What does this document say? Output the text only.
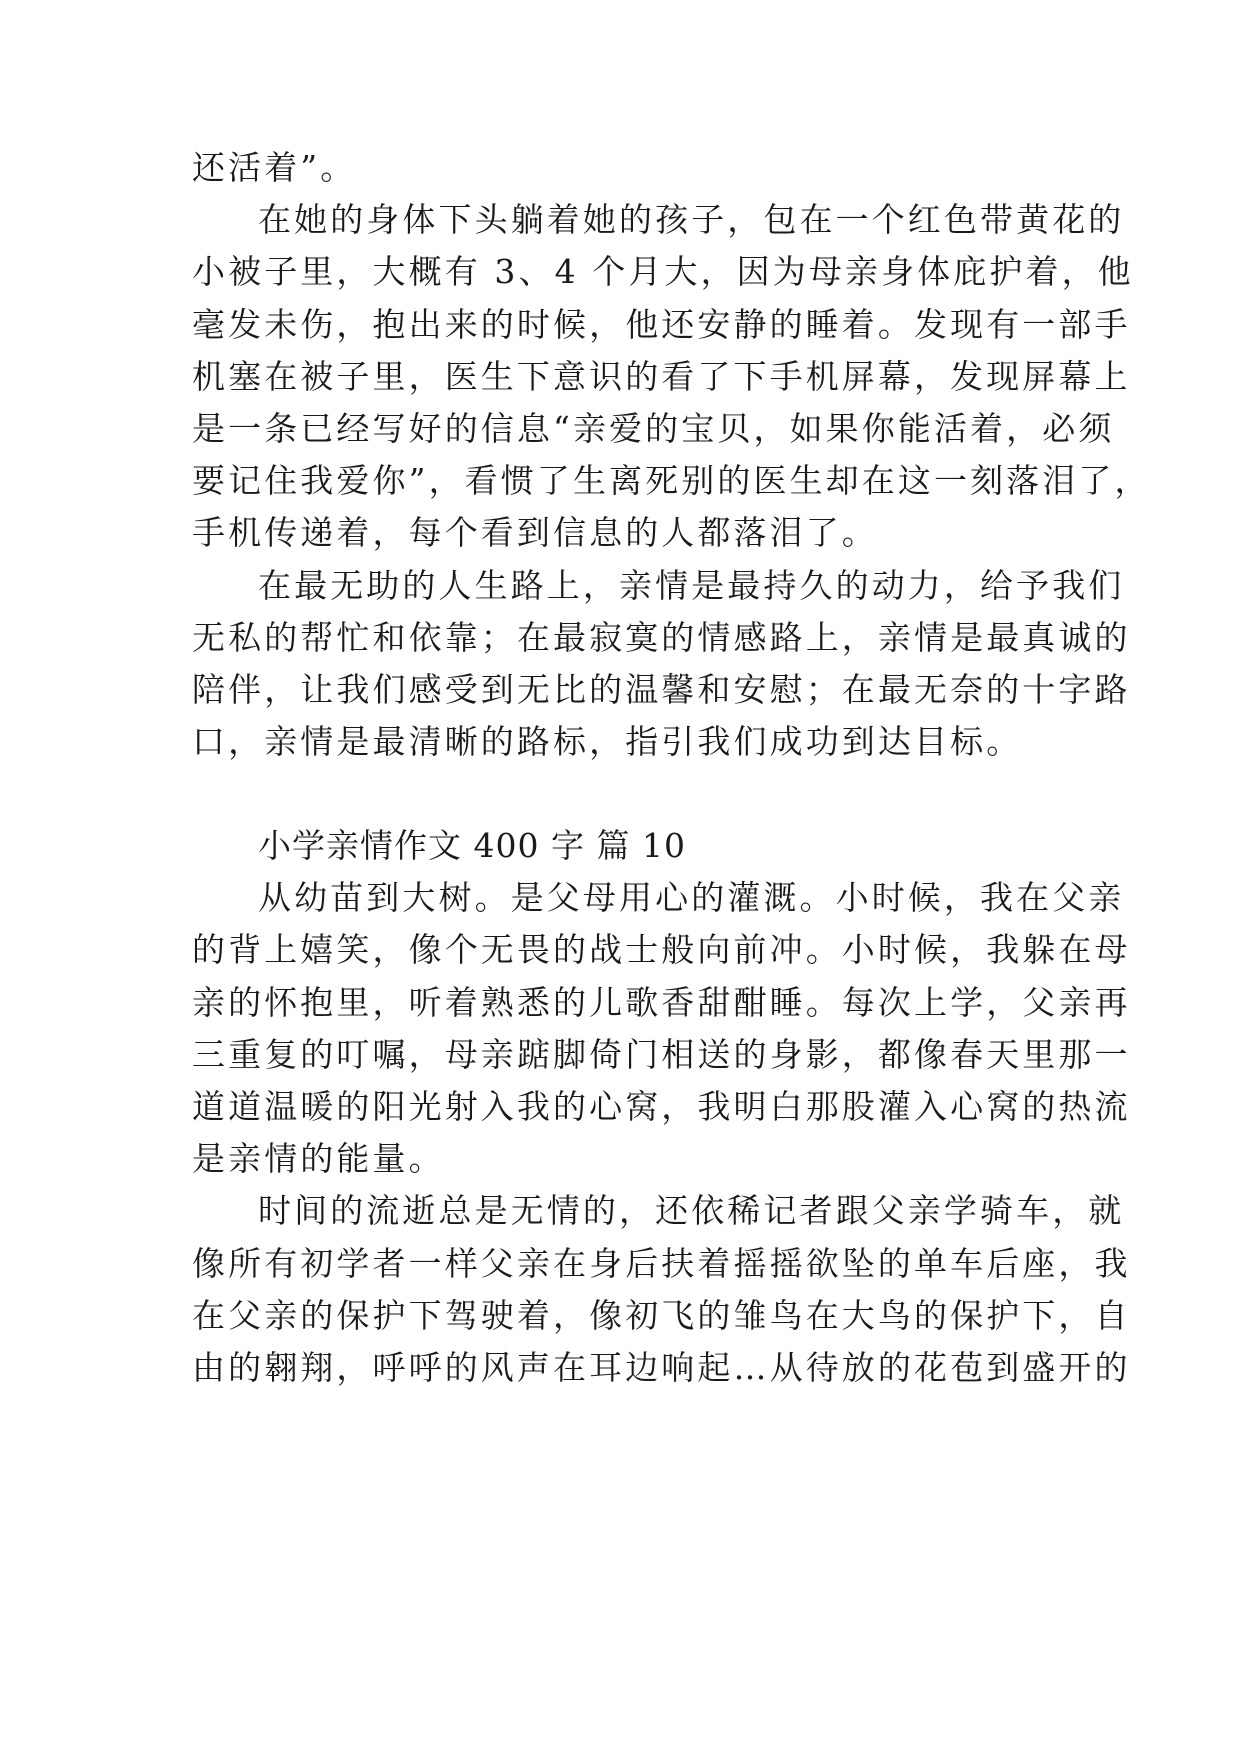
还活着”。
在她的身体下头躺着她的孩子，包在一个红色带黄花的
小被子里，大概有 3、4 个月大，因为母亲身体庇护着，他
毫发未伤，抱出来的时候，他还安静的睡着。发现有一部手
机塞在被子里，医生下意识的看了下手机屏幕，发现屏幕上
是一条已经写好的信息“亲爱的宝贝，如果你能活着，必须
要记住我爱你”，看惯了生离死别的医生却在这一刻落泪了，
手机传递着，每个看到信息的人都落泪了。
在最无助的人生路上，亲情是最持久的动力，给予我们
无私的帮忙和依靠；在最寂寞的情感路上，亲情是最真诚的
陪伴，让我们感受到无比的温馨和安慰；在最无奈的十字路
口，亲情是最清晰的路标，指引我们成功到达目标。
小学亲情作文 400 字 篇 10
从幼苗到大树。是父母用心的灌溉。小时候，我在父亲
的背上嬉笑，像个无畏的战士般向前冲。小时候，我躲在母
亲的怀抱里，听着熟悉的儿歌香甜酣睡。每次上学，父亲再
三重复的叮嘱，母亲踮脚倚门相送的身影，都像春天里那一
道道温暖的阳光射入我的心窝，我明白那股灌入心窝的热流
是亲情的能量。
时间的流逝总是无情的，还依稀记者跟父亲学骑车，就
像所有初学者一样父亲在身后扶着摇摇欲坠的单车后座，我
在父亲的保护下驾驶着，像初飞的雏鸟在大鸟的保护下，自
由的翱翔，呼呼的风声在耳边响起…从待放的花苞到盛开的
